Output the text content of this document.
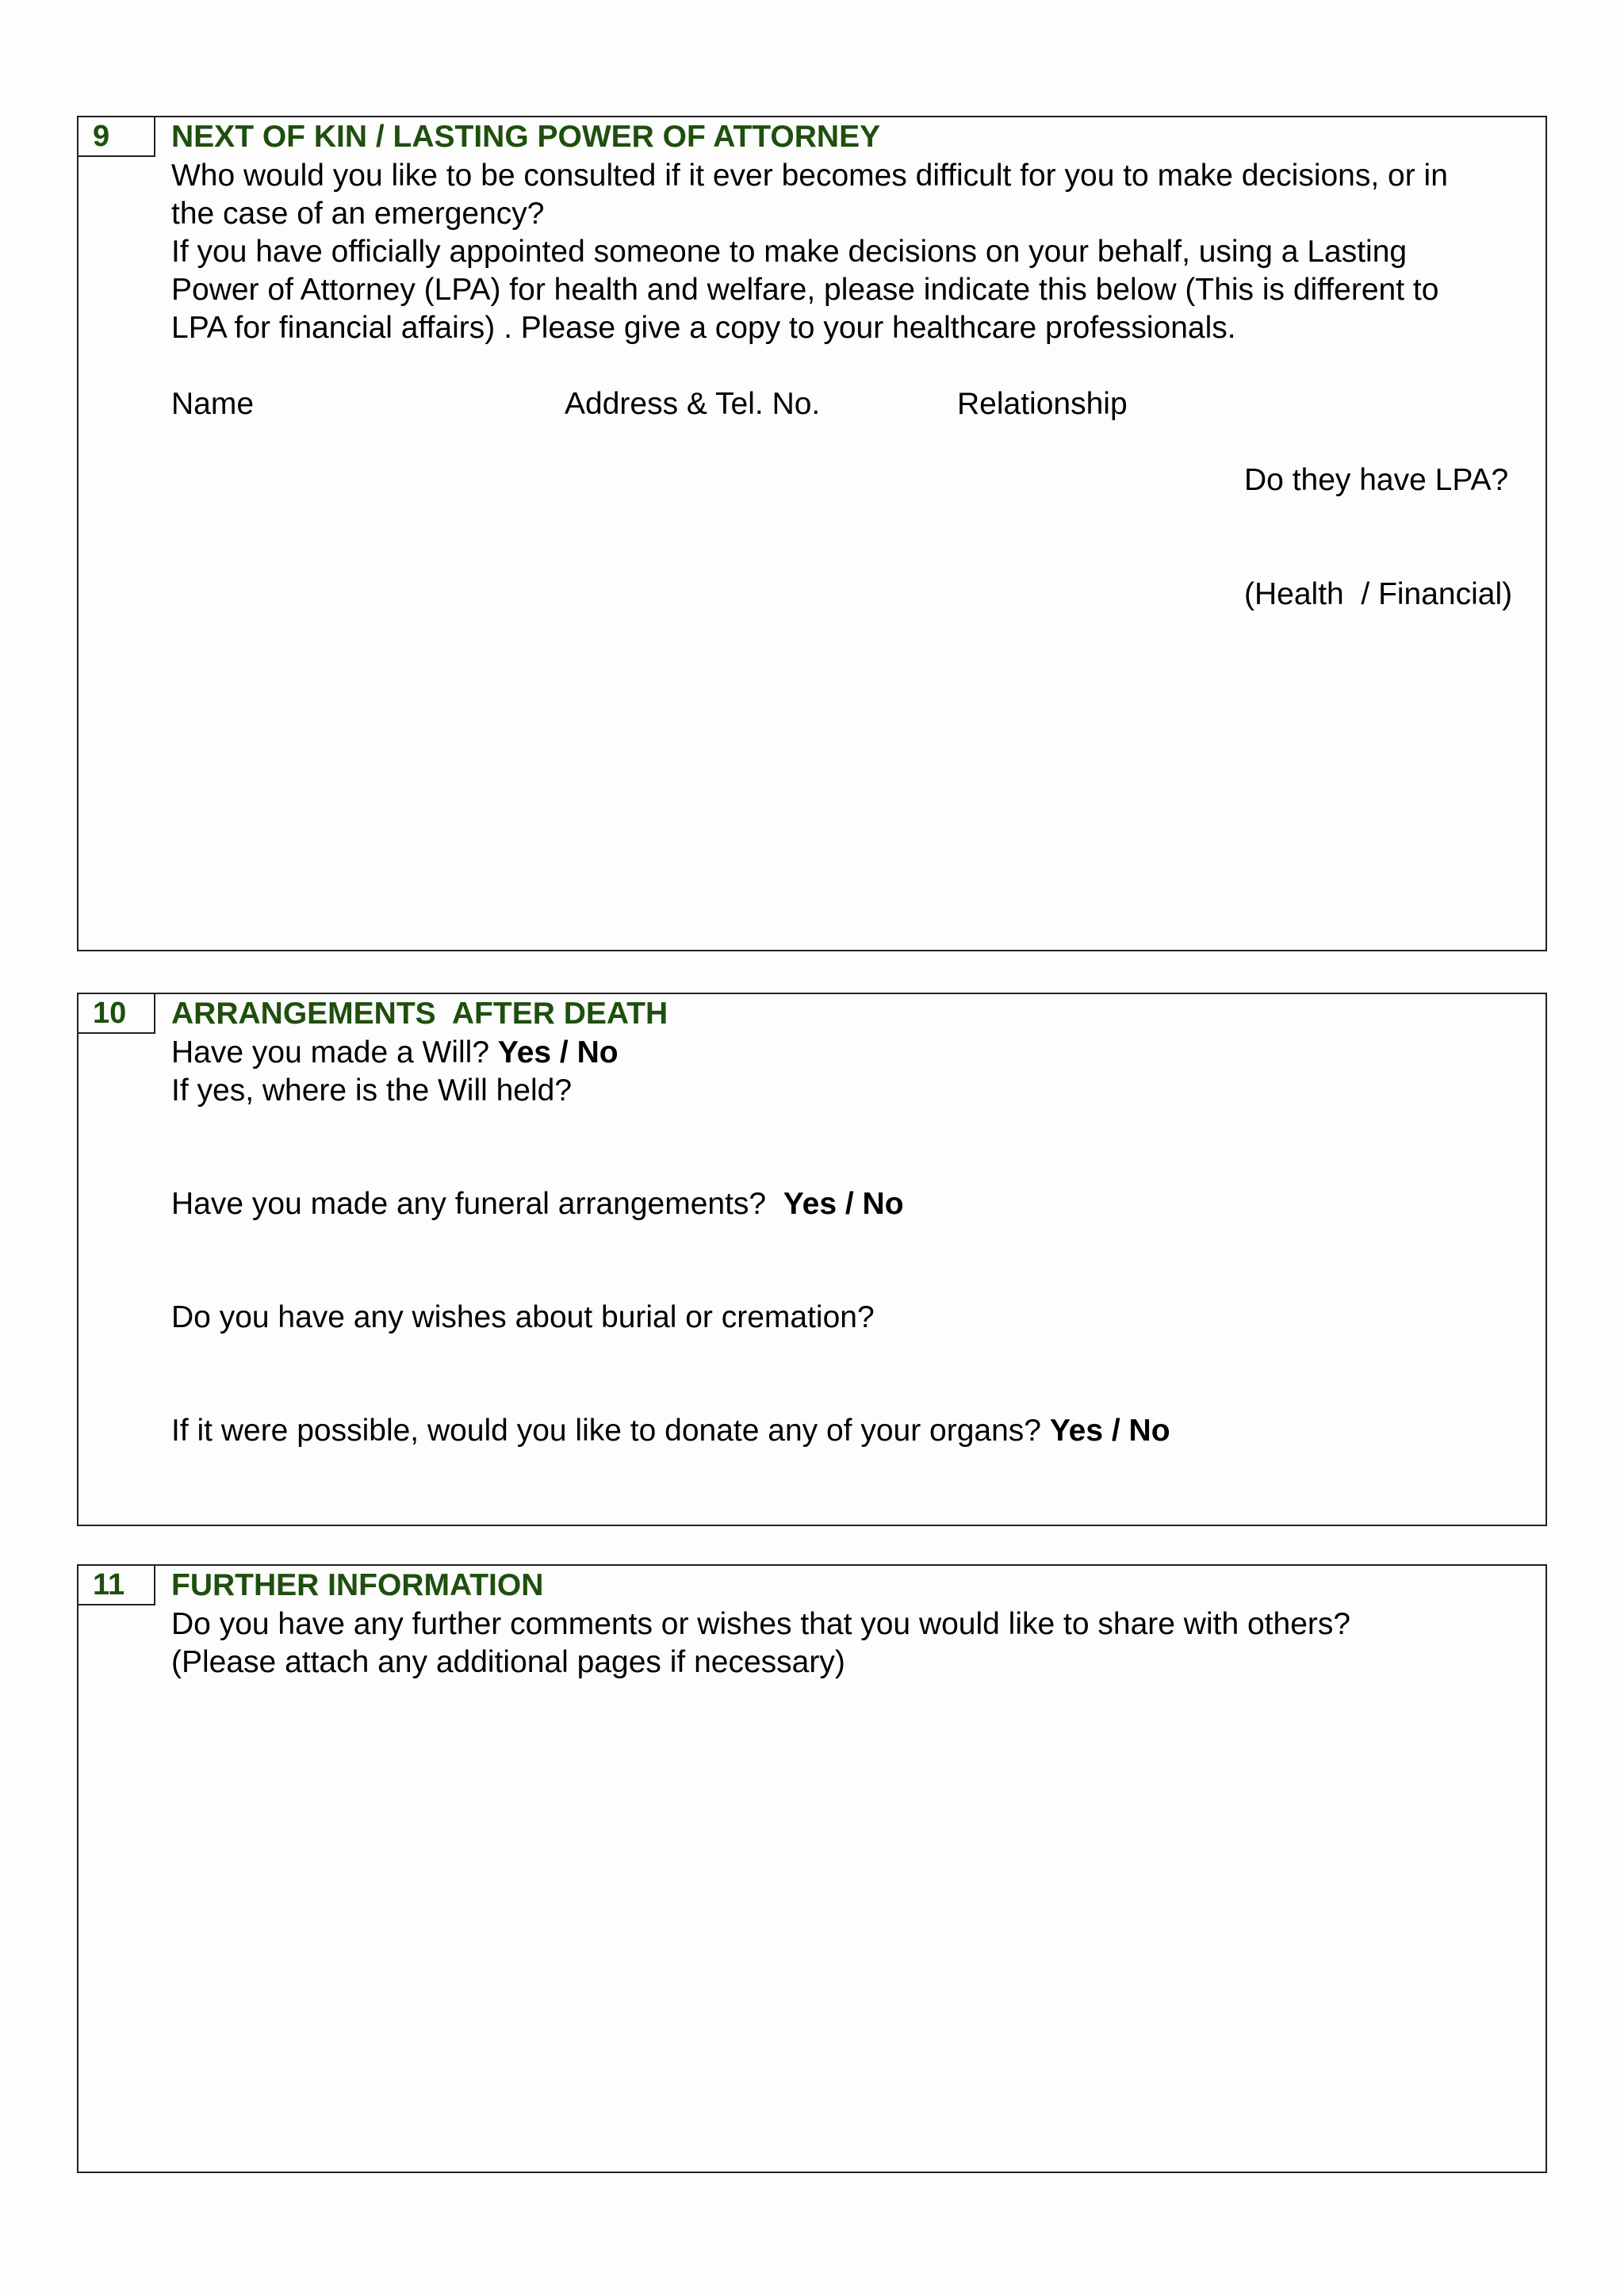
9	NEXT OF KIN / LASTING POWER OF ATTORNEY
Who would you like to be consulted if it ever becomes difficult for you to make decisions, or in
the case of an emergency?
If you have officially appointed someone to make decisions on your behalf, using a Lasting
Power of Attorney (LPA) for health and welfare, please indicate this below (This is different to
LPA for financial affairs) . Please give a copy to your healthcare professionals.
Name	Address & Tel. No.	Relationship

Do they have LPA?

(Health  / Financial)

10	ARRANGEMENTS  AFTER DEATH
Have you made a Will? Yes / No
If yes, where is the Will held?
Have you made any funeral arrangements?  Yes / No
Do you have any wishes about burial or cremation?
If it were possible, would you like to donate any of your organs? Yes / No
11	FURTHER INFORMATION
Do you have any further comments or wishes that you would like to share with others?
(Please attach any additional pages if necessary)
